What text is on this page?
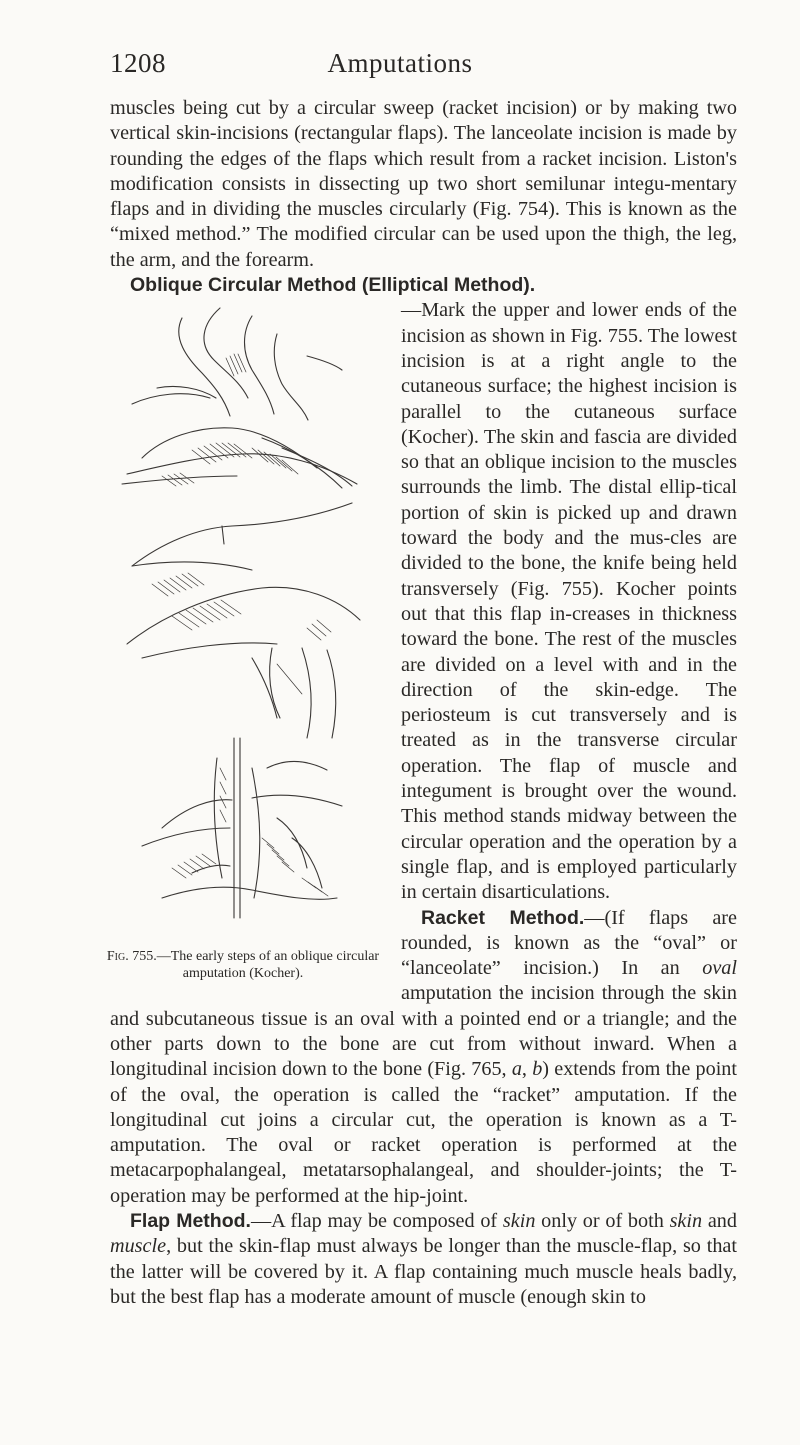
1208	Amputations

muscles being cut by a circular sweep (racket incision) or by making two vertical skin-incisions (rectangular flaps). The lanceolate incision is made by rounding the edges of the flaps which result from a racket incision. Liston's modification consists in dissecting up two short semilunar integu-mentary flaps and in dividing the muscles circularly (Fig. 754). This is known as the “mixed method.” The modified circular can be used upon the thigh, the leg, the arm, and the forearm.

Oblique Circular Method (Elliptical Method).

Fig. 755.—The early steps of an oblique circular amputation (Kocher).

—Mark the upper and lower ends of the incision as shown in Fig. 755. The lowest incision is at a right angle to the cutaneous surface; the highest incision is parallel to the cutaneous surface (Kocher). The skin and fascia are divided so that an oblique incision to the muscles surrounds the limb. The distal ellip-tical portion of skin is picked up and drawn toward the body and the mus-cles are divided to the bone, the knife being held transversely (Fig. 755). Kocher points out that this flap in-creases in thickness toward the bone. The rest of the muscles are divided on a level with and in the direction of the skin-edge. The periosteum is cut transversely and is treated as in the transverse circular operation. The flap of muscle and integument is brought over the wound. This method stands midway between the circular operation and the operation by a single flap, and is employed particularly in certain disarticulations.

Racket Method.—(If flaps are rounded, is known as the “oval” or “lanceolate” incision.) In an oval amputation the incision through the skin and subcutaneous tissue is an oval with a pointed end or a triangle; and the other parts down to the bone are cut from without inward. When a longitudinal incision down to the bone (Fig. 765, a, b) extends from the point of the oval, the operation is called the “racket” amputation. If the longitudinal cut joins a circular cut, the operation is known as a T-amputation. The oval or racket operation is performed at the metacarpophalangeal, metatarsophalangeal, and shoulder-joints; the T-operation may be performed at the hip-joint.

Flap Method.—A flap may be composed of skin only or of both skin and muscle, but the skin-flap must always be longer than the muscle-flap, so that the latter will be covered by it. A flap containing much muscle heals badly, but the best flap has a moderate amount of muscle (enough skin to
